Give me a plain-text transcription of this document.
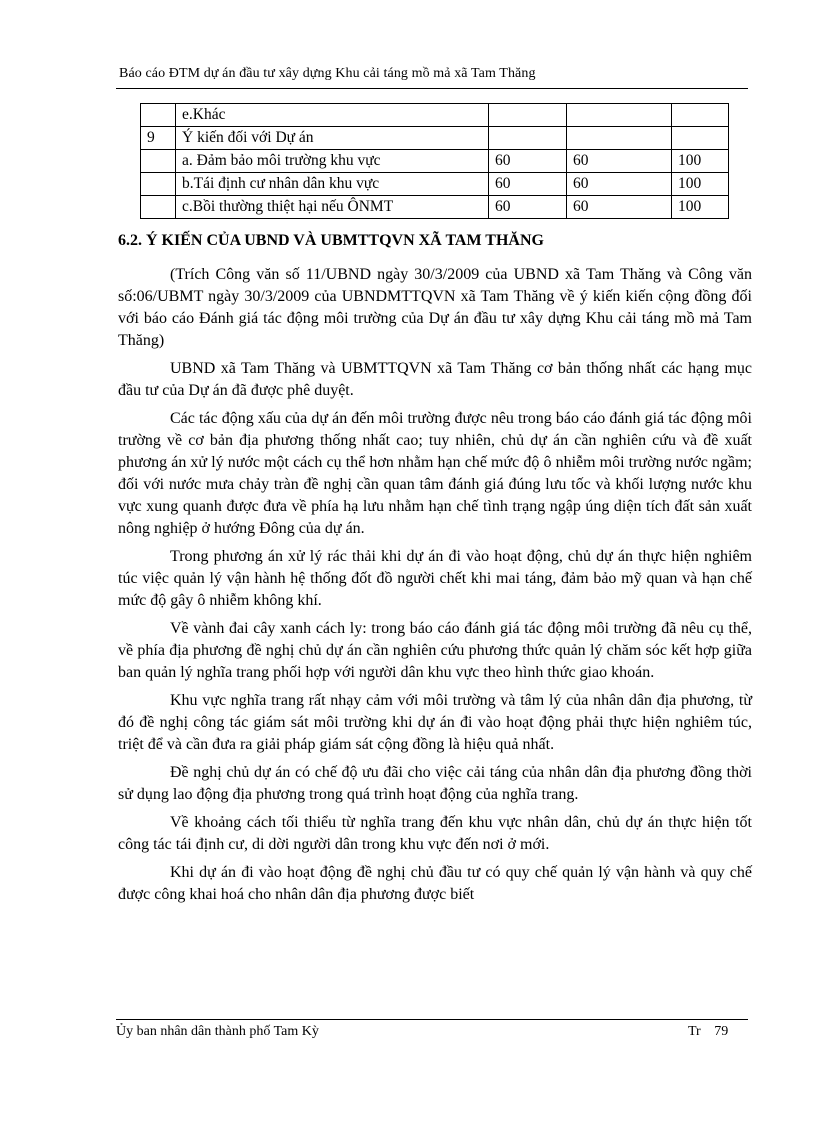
Báo cáo ĐTM dự án đầu tư xây dựng Khu cải táng mồ mả xã Tam Thăng
	e.Khác			
9	Ý kiến đối với Dự án			
	a. Đảm bảo môi trường khu vực	60	60	100
	b.Tái định cư nhân dân khu vực	60	60	100
	c.Bồi thường thiệt hại nếu ÔNMT	60	60	100
6.2. Ý KIẾN CỦA UBND VÀ UBMTTQVN XÃ TAM THĂNG

(Trích Công văn số 11/UBND ngày 30/3/2009 của UBND xã Tam Thăng và Công văn số:06/UBMT ngày 30/3/2009 của UBNDMTTQVN xã Tam Thăng về ý kiến kiến cộng đồng đối với báo cáo Đánh giá tác động môi trường của Dự án đầu tư xây dựng Khu cải táng mồ mả Tam Thăng)

UBND xã Tam Thăng và UBMTTQVN xã Tam Thăng cơ bản thống nhất các hạng mục đầu tư của Dự án đã được phê duyệt.

Các tác động xấu của dự án đến môi trường được nêu trong báo cáo đánh giá tác động môi trường về cơ bản địa phương thống nhất cao; tuy nhiên, chủ dự án cần nghiên cứu và đề xuất phương án xử lý nước một cách cụ thể hơn nhằm hạn chế mức độ ô nhiễm môi trường nước ngầm; đối với nước mưa chảy tràn đề nghị cần quan tâm đánh giá đúng lưu tốc và khối lượng nước khu vực xung quanh được đưa về phía hạ lưu nhằm hạn chế tình trạng ngập úng diện tích đất sản xuất nông nghiệp ở hướng Đông của dự án.

Trong phương án xử lý rác thải khi dự án đi vào hoạt động, chủ dự án thực hiện nghiêm túc việc quản lý vận hành hệ thống đốt đồ người chết khi mai táng, đảm bảo mỹ quan và hạn chế mức độ gây ô nhiễm không khí.

Về vành đai cây xanh cách ly: trong báo cáo đánh giá tác động môi trường đã nêu cụ thể, về phía địa phương đề nghị chủ dự án cần nghiên cứu phương thức quản lý chăm sóc kết hợp giữa ban quản lý nghĩa trang phối hợp với người dân khu vực theo hình thức giao khoán.

Khu vực nghĩa trang rất nhạy cảm với môi trường và tâm lý của nhân dân địa phương, từ đó đề nghị công tác giám sát môi trường khi dự án đi vào hoạt động phải thực hiện nghiêm túc, triệt để và cần đưa ra giải pháp giám sát cộng đồng là hiệu quả nhất.

Đề nghị chủ dự án có chế độ ưu đãi cho việc cải táng của nhân dân địa phương đồng thời sử dụng lao động địa phương trong quá trình hoạt động của nghĩa trang.

Về khoảng cách tối thiểu từ nghĩa trang đến khu vực nhân dân, chủ dự án thực hiện tốt công tác tái định cư, di dời người dân trong khu vực đến nơi ở mới.

Khi dự án đi vào hoạt động đề nghị chủ đầu tư có quy chế quản lý vận hành và quy chế được công khai hoá cho nhân dân địa phương được biết

Ủy ban nhân dân thành phố Tam Kỳ	Tr 79
